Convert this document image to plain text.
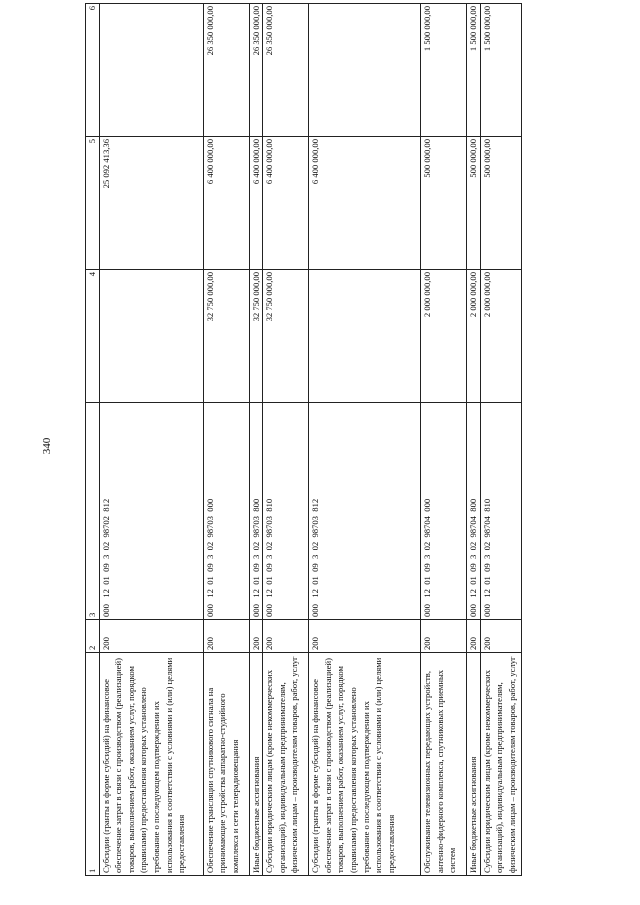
340
1	2	3	4	5	6
Субсидии (гранты в форме субсидий) на финансовое обеспечение затрат в связи с производством (реализацией) товаров, выполнением работ, оказанием услуг, порядком (правилами) предоставления которых установлено требование о последующем подтверждении их использования в соответствии с условиями и (или) целями предоставления	200	000   12  01  09  3  02  98702  812		25 092 413,36	
Обеспечение трансляции спутникового сигнала на принимающие устройства аппаратно-студийного комплекса и сети телерадиовещания	200	000   12  01  09  3  02  98703  000	32 750 000,00	6 400 000,00	26 350 000,00
Иные бюджетные ассигнования	200	000   12  01  09  3  02  98703  800	32 750 000,00	6 400 000,00	26 350 000,00
Субсидии юридическим лицам (кроме некоммерческих организаций), индивидуальным предпринимателям, физическим лицам – производителям товаров, работ, услуг	200	000   12  01  09  3  02  98703  810	32 750 000,00	6 400 000,00	26 350 000,00
Субсидии (гранты в форме субсидий) на финансовое обеспечение затрат в связи с производством (реализацией) товаров, выполнением работ, оказанием услуг, порядком (правилами) предоставления которых установлено требование о последующем подтверждении их использования в соответствии с условиями и (или) целями предоставления	200	000   12  01  09  3  02  98703  812		6 400 000,00	
Обслуживание телевизионных передающих устройств, антенно-фидерного комплекса, спутниковых приемных систем	200	000   12  01  09  3  02  98704  000	2 000 000,00	500 000,00	1 500 000,00
Иные бюджетные ассигнования	200	000   12  01  09  3  02  98704  800	2 000 000,00	500 000,00	1 500 000,00
Субсидии юридическим лицам (кроме некоммерческих организаций), индивидуальным предпринимателям, физическим лицам – производителям товаров, работ, услуг	200	000   12  01  09  3  02  98704  810	2 000 000,00	500 000,00	1 500 000,00
